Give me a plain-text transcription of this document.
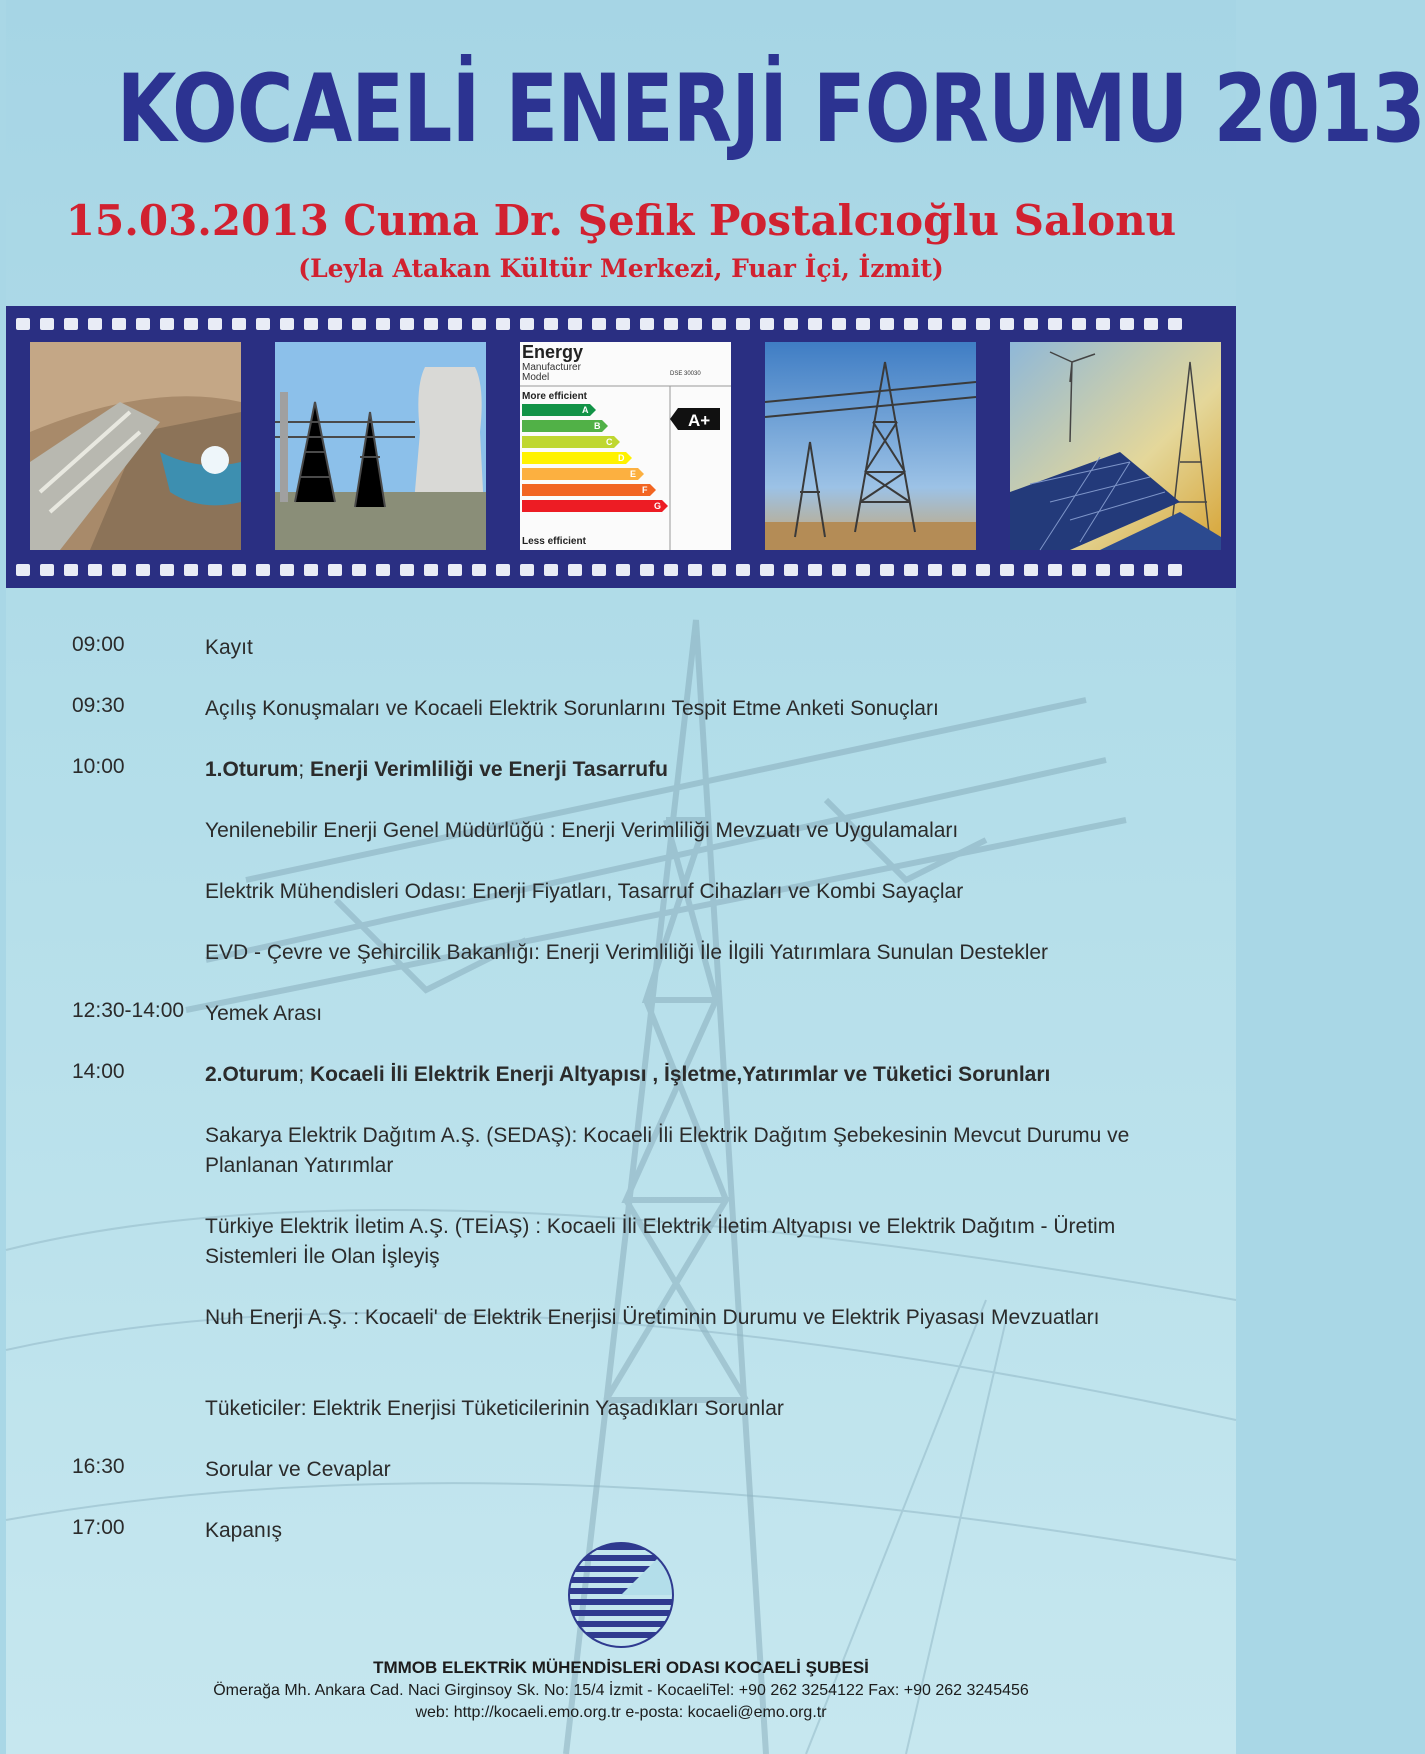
KOCAELİ ENERJİ FORUMU 2013
15.03.2013 Cuma Dr. Şefik Postalcıoğlu Salonu
(Leyla Atakan Kültür Merkezi, Fuar İçi, İzmit)
Energy
Manufacturer
Model	DSE 30030
More efficient
A
B
C
D
E
F
G
A+
Less efficient
09:00	Kayıt
09:30	Açılış Konuşmaları ve Kocaeli Elektrik Sorunlarını Tespit Etme Anketi Sonuçları
10:00	1.Oturum; Enerji Verimliliği ve Enerji Tasarrufu
Yenilenebilir Enerji Genel Müdürlüğü : Enerji Verimliliği Mevzuatı ve Uygulamaları
Elektrik Mühendisleri Odası: Enerji Fiyatları, Tasarruf Cihazları ve Kombi Sayaçlar
EVD - Çevre ve Şehircilik Bakanlığı: Enerji Verimliliği İle İlgili Yatırımlara Sunulan Destekler
12:30-14:00 Yemek Arası
14:00	2.Oturum; Kocaeli İli Elektrik Enerji Altyapısı , İşletme,Yatırımlar ve Tüketici Sorunları
Sakarya Elektrik Dağıtım A.Ş. (SEDAŞ): Kocaeli İli Elektrik Dağıtım Şebekesinin Mevcut Durumu ve Planlanan Yatırımlar
Türkiye Elektrik İletim A.Ş. (TEİAŞ) : Kocaeli İli Elektrik İletim Altyapısı ve Elektrik Dağıtım - Üretim Sistemleri İle Olan İşleyiş
Nuh Enerji A.Ş. : Kocaeli' de Elektrik Enerjisi Üretiminin Durumu ve Elektrik Piyasası Mevzuatları
Tüketiciler: Elektrik Enerjisi Tüketicilerinin Yaşadıkları Sorunlar
16:30	Sorular ve Cevaplar
17:00	Kapanış
TMMOB ELEKTRİK MÜHENDİSLERİ ODASI KOCAELİ ŞUBESİ
Ömerağa Mh. Ankara Cad. Naci Girginsoy Sk. No: 15/4 İzmit - KocaeliTel: +90 262 3254122 Fax: +90 262 3245456
web: http://kocaeli.emo.org.tr e-posta: kocaeli@emo.org.tr
